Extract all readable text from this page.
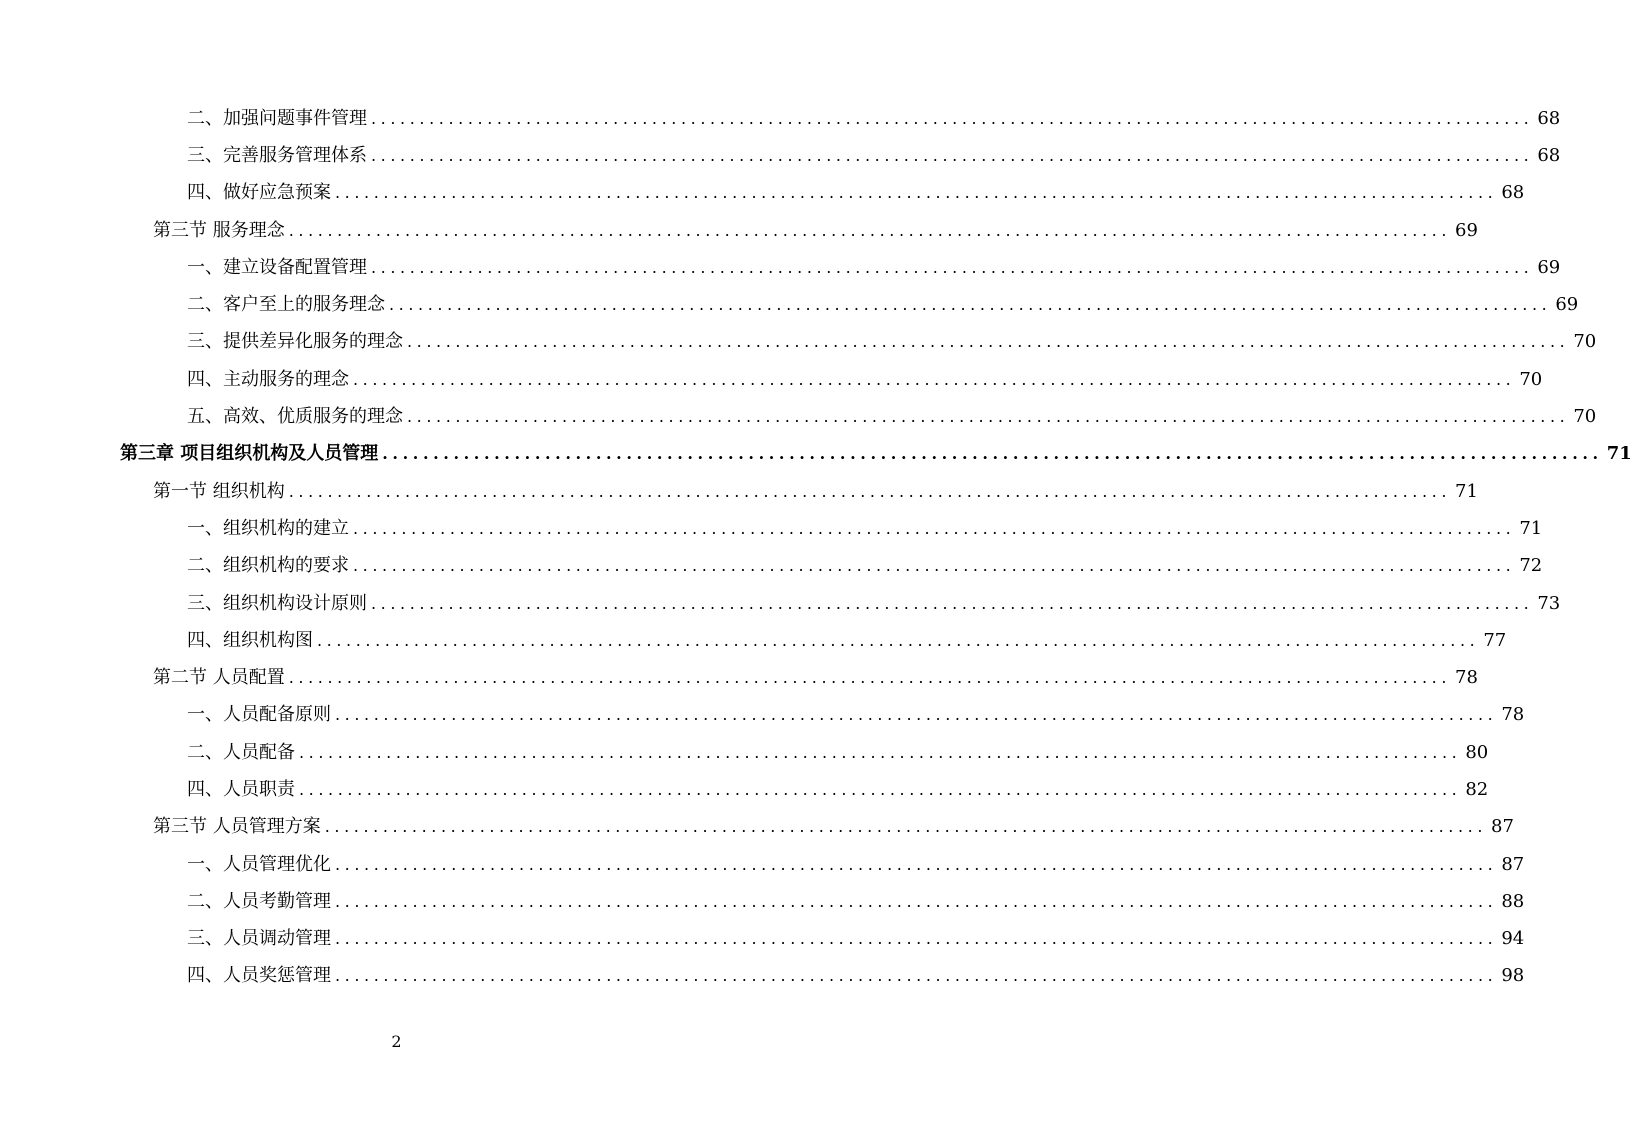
二、加强问题事件管理 ........................................................................................................................ 68
三、完善服务管理体系 ........................................................................................................................ 68
四、做好应急预案 ........................................................................................................................ 68
第三节 服务理念 ........................................................................................................................ 69
一、建立设备配置管理 ........................................................................................................................ 69
二、客户至上的服务理念 ........................................................................................................................ 69
三、提供差异化服务的理念 ........................................................................................................................ 70
四、主动服务的理念 ........................................................................................................................ 70
五、高效、优质服务的理念 ........................................................................................................................ 70
第三章 项目组织机构及人员管理 ........................................................................................................................ 71
第一节 组织机构 ........................................................................................................................ 71
一、组织机构的建立 ........................................................................................................................ 71
二、组织机构的要求 ........................................................................................................................ 72
三、组织机构设计原则 ........................................................................................................................ 73
四、组织机构图 ........................................................................................................................ 77
第二节 人员配置 ........................................................................................................................ 78
一、人员配备原则 ........................................................................................................................ 78
二、人员配备 ........................................................................................................................ 80
四、人员职责 ........................................................................................................................ 82
第三节 人员管理方案 ........................................................................................................................ 87
一、人员管理优化 ........................................................................................................................ 87
二、人员考勤管理 ........................................................................................................................ 88
三、人员调动管理 ........................................................................................................................ 94
四、人员奖惩管理 ........................................................................................................................ 98
2
